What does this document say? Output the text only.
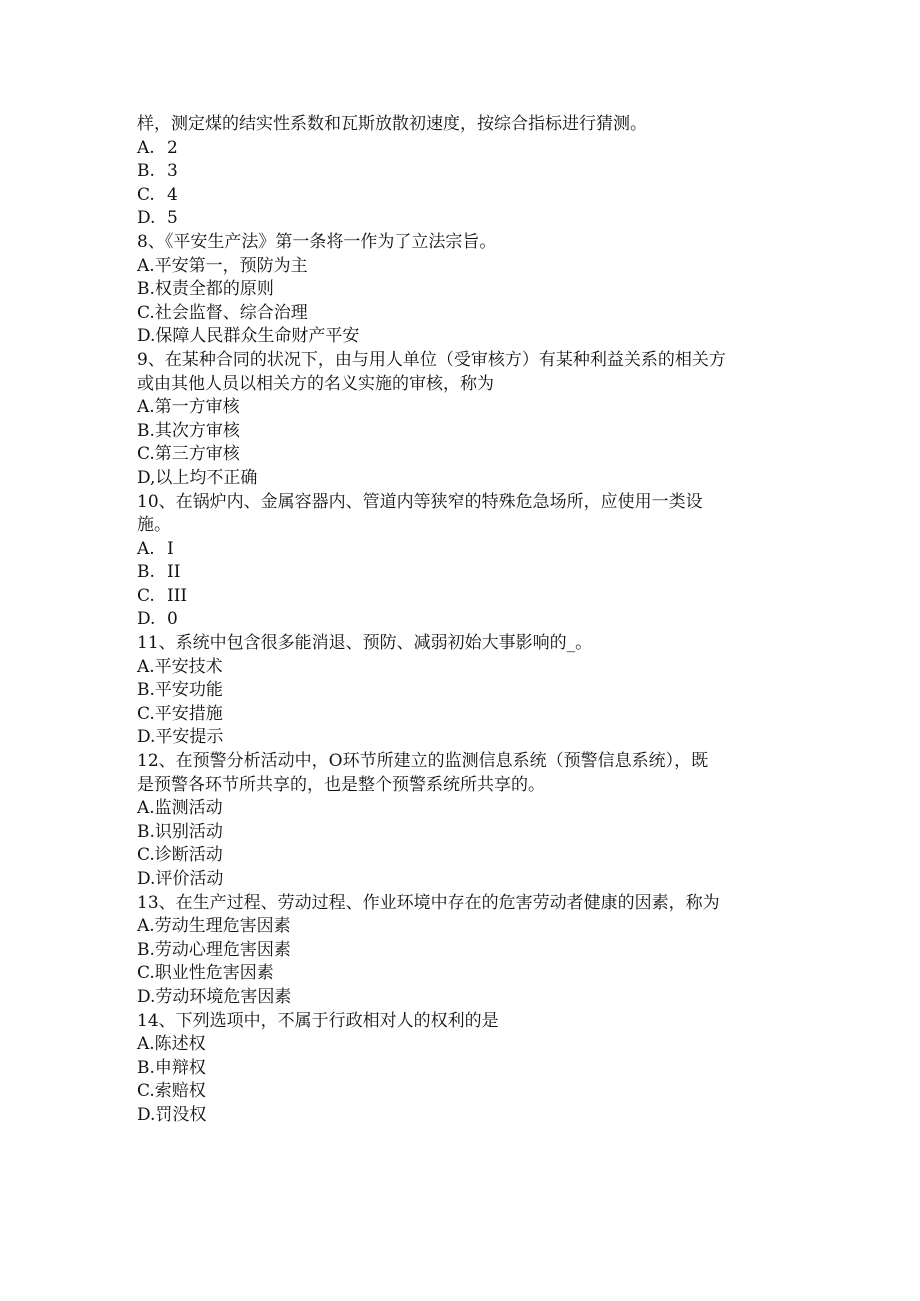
样，测定煤的结实性系数和瓦斯放散初速度，按综合指标进行猜测。

A. 2

B. 3

C. 4

D. 5

8、《平安生产法》第一条将一作为了立法宗旨。

A.平安第一，预防为主

B.权责全都的原则

C.社会监督、综合治理

D.保障人民群众生命财产平安

9、在某种合同的状况下，由与用人单位（受审核方）有某种利益关系的相关方

或由其他人员以相关方的名义实施的审核，称为

A.第一方审核

B.其次方审核

C.第三方审核

D,以上均不正确

10、在锅炉内、金属容器内、管道内等狭窄的特殊危急场所，应使用一类设

施。

A. I

B. II

C. III

D. 0

11、系统中包含很多能消退、预防、减弱初始大事影响的_。

A.平安技术

B.平安功能

C.平安措施

D.平安提示

12、在预警分析活动中，O环节所建立的监测信息系统（预警信息系统），既

是预警各环节所共享的，也是整个预警系统所共享的。

A.监测活动

B.识别活动

C.诊断活动

D.评价活动

13、在生产过程、劳动过程、作业环境中存在的危害劳动者健康的因素，称为

A.劳动生理危害因素

B.劳动心理危害因素

C.职业性危害因素

D.劳动环境危害因素

14、下列选项中，不属于行政相对人的权利的是

A.陈述权

B.申辩权

C.索赔权

D.罚没权
